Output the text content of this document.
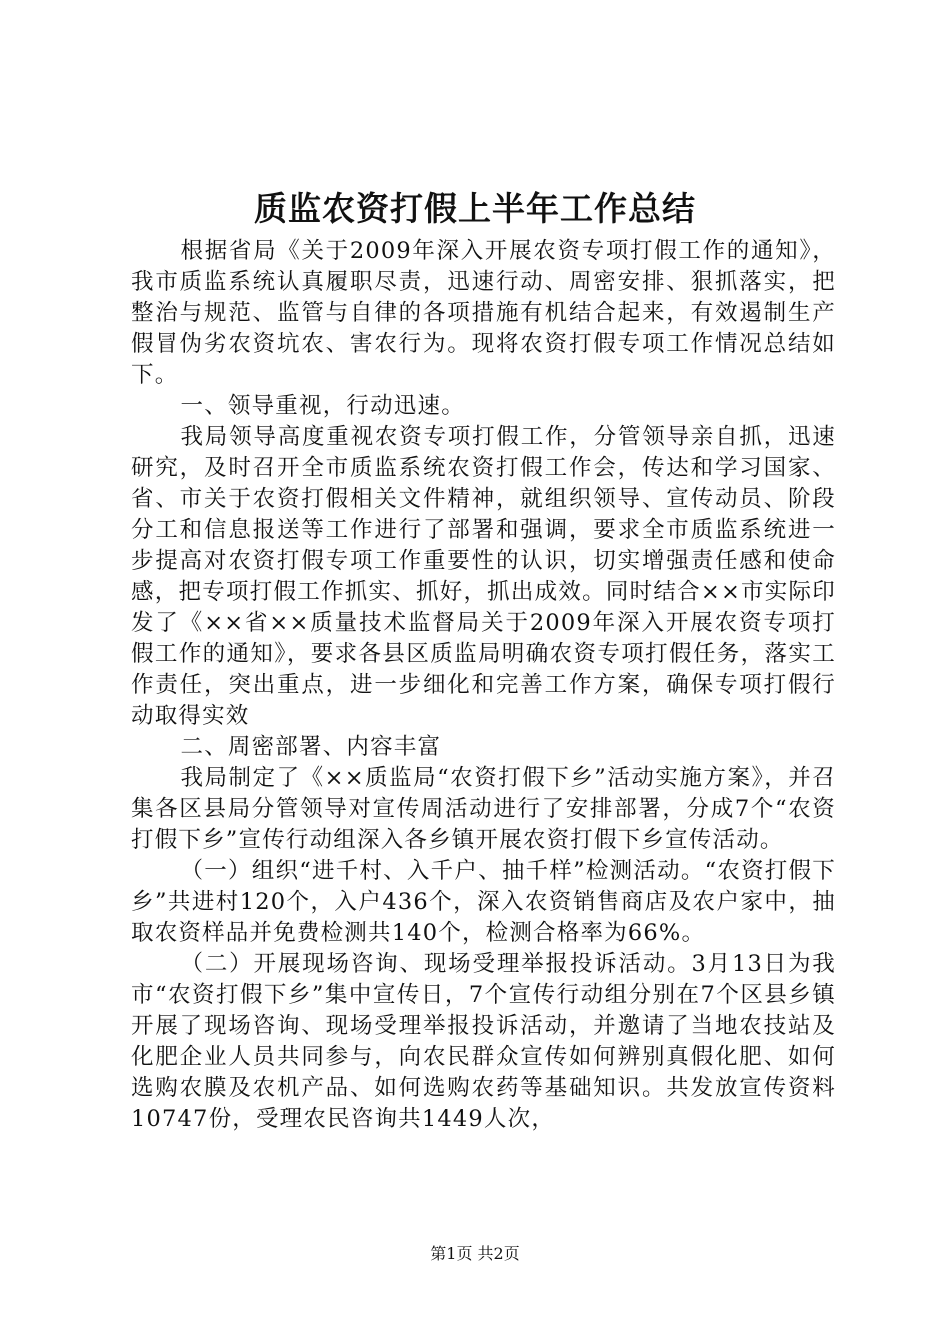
质监农资打假上半年工作总结

根据省局《关于2009年深入开展农资专项打假工作的通知》，我市质监系统认真履职尽责，迅速行动、周密安排、狠抓落实，把整治与规范、监管与自律的各项措施有机结合起来，有效遏制生产假冒伪劣农资坑农、害农行为。现将农资打假专项工作情况总结如下。

一、领导重视，行动迅速。

我局领导高度重视农资专项打假工作，分管领导亲自抓，迅速研究，及时召开全市质监系统农资打假工作会，传达和学习国家、省、市关于农资打假相关文件精神，就组织领导、宣传动员、阶段分工和信息报送等工作进行了部署和强调，要求全市质监系统进一步提高对农资打假专项工作重要性的认识，切实增强责任感和使命感，把专项打假工作抓实、抓好，抓出成效。同时结合××市实际印发了《××省××质量技术监督局关于2009年深入开展农资专项打假工作的通知》，要求各县区质监局明确农资专项打假任务，落实工作责任，突出重点，进一步细化和完善工作方案，确保专项打假行动取得实效

二、周密部署、内容丰富

我局制定了《××质监局“农资打假下乡”活动实施方案》，并召集各区县局分管领导对宣传周活动进行了安排部署，分成7个“农资打假下乡”宣传行动组深入各乡镇开展农资打假下乡宣传活动。

（一）组织“进千村、入千户、抽千样”检测活动。“农资打假下乡”共进村120个，入户436个，深入农资销售商店及农户家中，抽取农资样品并免费检测共140个，检测合格率为66%。

（二）开展现场咨询、现场受理举报投诉活动。3月13日为我市“农资打假下乡”集中宣传日，7个宣传行动组分别在7个区县乡镇开展了现场咨询、现场受理举报投诉活动，并邀请了当地农技站及化肥企业人员共同参与，向农民群众宣传如何辨别真假化肥、如何选购农膜及农机产品、如何选购农药等基础知识。共发放宣传资料10747份，受理农民咨询共1449人次，

第1页 共2页
